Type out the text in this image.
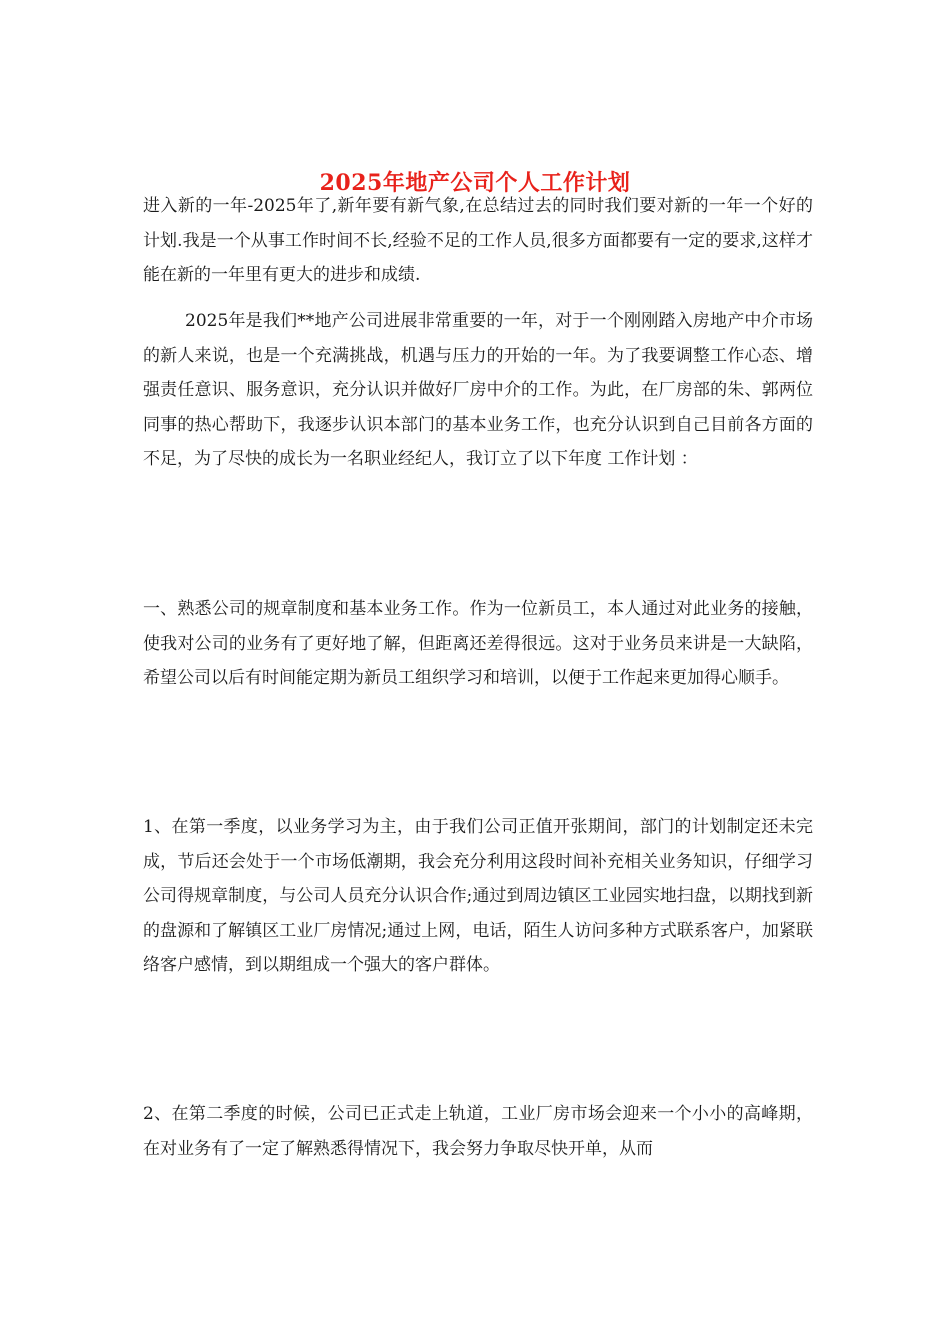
2025年地产公司个人工作计划

进入新的一年-2025年了,新年要有新气象,在总结过去的同时我们要对新的一年一个好的计划.我是一个从事工作时间不长,经验不足的工作人员,很多方面都要有一定的要求,这样才能在新的一年里有更大的进步和成绩.

2025年是我们**地产公司进展非常重要的一年，对于一个刚刚踏入房地产中介市场的新人来说，也是一个充满挑战，机遇与压力的开始的一年。为了我要调整工作心态、增强责任意识、服务意识，充分认识并做好厂房中介的工作。为此，在厂房部的朱、郭两位同事的热心帮助下，我逐步认识本部门的基本业务工作，也充分认识到自己目前各方面的不足，为了尽快的成长为一名职业经纪人，我订立了以下年度 工作计划 ：

一、熟悉公司的规章制度和基本业务工作。作为一位新员工，本人通过对此业务的接触，使我对公司的业务有了更好地了解，但距离还差得很远。这对于业务员来讲是一大缺陷，希望公司以后有时间能定期为新员工组织学习和培训，以便于工作起来更加得心顺手。

1、在第一季度，以业务学习为主，由于我们公司正值开张期间，部门的计划制定还未完成，节后还会处于一个市场低潮期，我会充分利用这段时间补充相关业务知识，仔细学习公司得规章制度，与公司人员充分认识合作;通过到周边镇区工业园实地扫盘，以期找到新的盘源和了解镇区工业厂房情况;通过上网，电话，陌生人访问多种方式联系客户，加紧联络客户感情，到以期组成一个强大的客户群体。

2、在第二季度的时候，公司已正式走上轨道，工业厂房市场会迎来一个小小的高峰期，在对业务有了一定了解熟悉得情况下，我会努力争取尽快开单，从而
